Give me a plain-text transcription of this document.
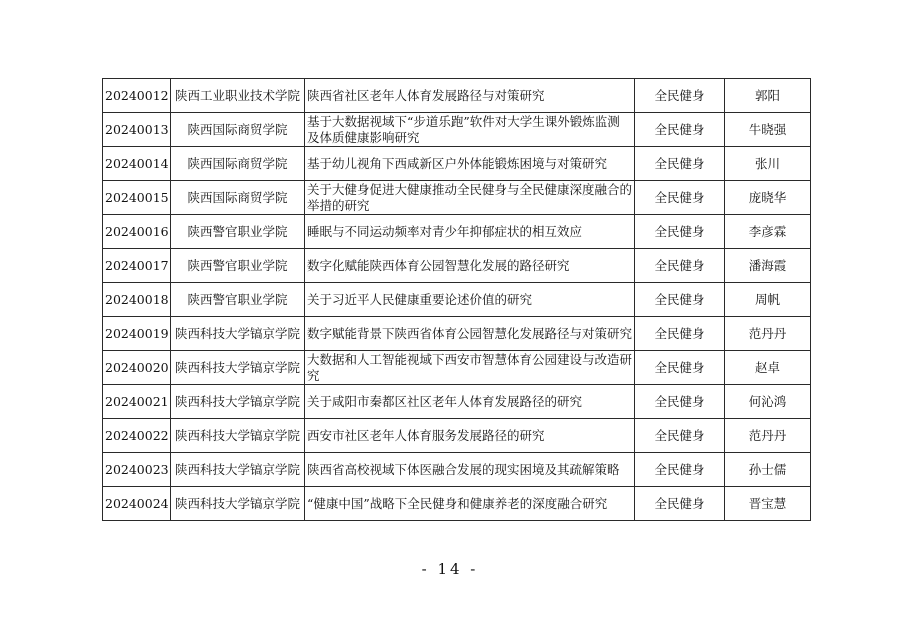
20240012	陕西工业职业技术学院	陕西省社区老年人体育发展路径与对策研究	全民健身	郭阳
20240013	陕西国际商贸学院	基于大数据视域下“步道乐跑”软件对大学生课外锻炼监测及体质健康影响研究	全民健身	牛晓强
20240014	陕西国际商贸学院	基于幼儿视角下西咸新区户外体能锻炼困境与对策研究	全民健身	张川
20240015	陕西国际商贸学院	关于大健身促进大健康推动全民健身与全民健康深度融合的举措的研究	全民健身	庞晓华
20240016	陕西警官职业学院	睡眠与不同运动频率对青少年抑郁症状的相互效应	全民健身	李彦霖
20240017	陕西警官职业学院	数字化赋能陕西体育公园智慧化发展的路径研究	全民健身	潘海霞
20240018	陕西警官职业学院	关于习近平人民健康重要论述价值的研究	全民健身	周帆
20240019	陕西科技大学镐京学院	数字赋能背景下陕西省体育公园智慧化发展路径与对策研究	全民健身	范丹丹
20240020	陕西科技大学镐京学院	大数据和人工智能视域下西安市智慧体育公园建设与改造研究	全民健身	赵卓
20240021	陕西科技大学镐京学院	关于咸阳市秦都区社区老年人体育发展路径的研究	全民健身	何沁鸿
20240022	陕西科技大学镐京学院	西安市社区老年人体育服务发展路径的研究	全民健身	范丹丹
20240023	陕西科技大学镐京学院	陕西省高校视域下体医融合发展的现实困境及其疏解策略	全民健身	孙士儒
20240024	陕西科技大学镐京学院	“健康中国”战略下全民健身和健康养老的深度融合研究	全民健身	晋宝慧
- 14 -
